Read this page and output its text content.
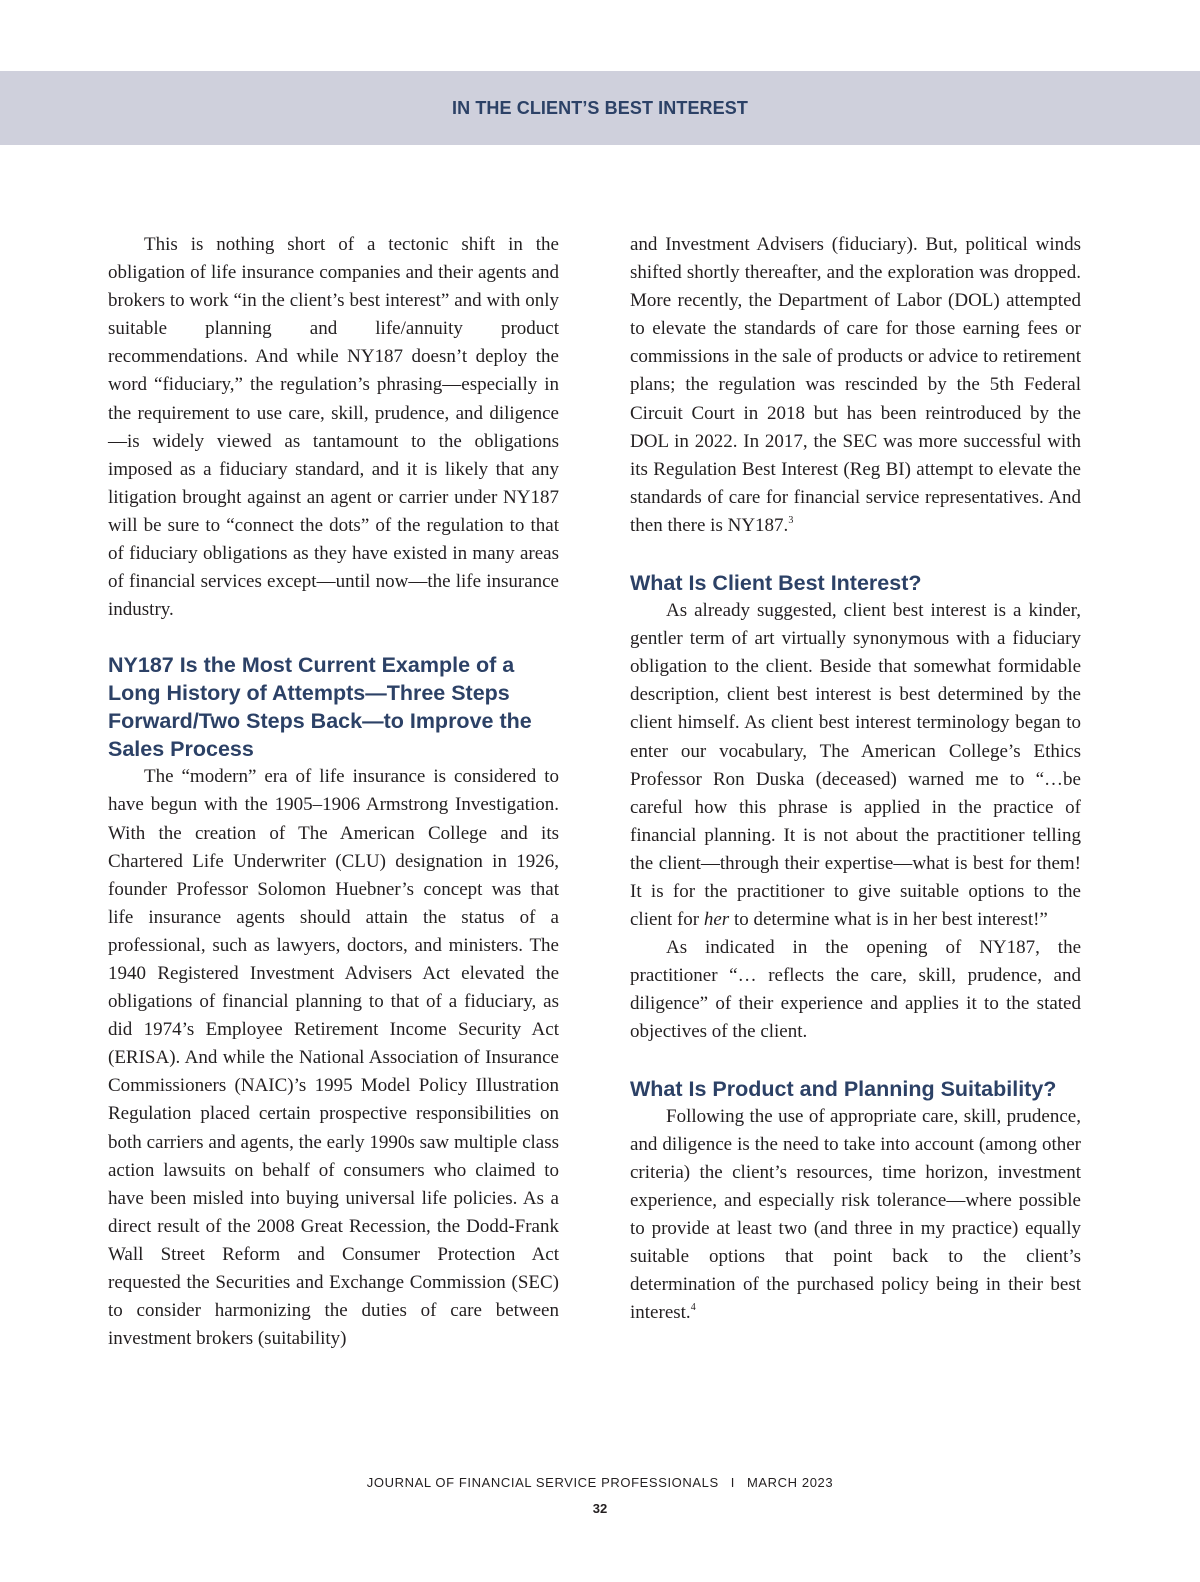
IN THE CLIENT’S BEST INTEREST

This is nothing short of a tectonic shift in the obligation of life insurance companies and their agents and brokers to work “in the client’s best interest” and with only suitable planning and life/annuity product recommendations. And while NY187 doesn’t deploy the word “fiduciary,” the regulation’s phrasing—especially in the requirement to use care, skill, prudence, and diligence—is widely viewed as tantamount to the obligations imposed as a fiduciary standard, and it is likely that any litigation brought against an agent or carrier under NY187 will be sure to “connect the dots” of the regulation to that of fiduciary obligations as they have existed in many areas of financial services except—until now—the life insurance industry.

NY187 Is the Most Current Example of a Long History of Attempts—Three Steps Forward/Two Steps Back—to Improve the Sales Process

The “modern” era of life insurance is considered to have begun with the 1905–1906 Armstrong Investigation. With the creation of The American College and its Chartered Life Underwriter (CLU) designation in 1926, founder Professor Solomon Huebner’s concept was that life insurance agents should attain the status of a professional, such as lawyers, doctors, and ministers. The 1940 Registered Investment Advisers Act elevated the obligations of financial planning to that of a fiduciary, as did 1974’s Employee Retirement Income Security Act (ERISA). And while the National Association of Insurance Commissioners (NAIC)’s 1995 Model Policy Illustration Regulation placed certain prospective responsibilities on both carriers and agents, the early 1990s saw multiple class action lawsuits on behalf of consumers who claimed to have been misled into buying universal life policies. As a direct result of the 2008 Great Recession, the Dodd-Frank Wall Street Reform and Consumer Protection Act requested the Securities and Exchange Commission (SEC) to consider harmonizing the duties of care between investment brokers (suitability)

and Investment Advisers (fiduciary). But, political winds shifted shortly thereafter, and the exploration was dropped. More recently, the Department of Labor (DOL) attempted to elevate the standards of care for those earning fees or commissions in the sale of products or advice to retirement plans; the regulation was rescinded by the 5th Federal Circuit Court in 2018 but has been reintroduced by the DOL in 2022. In 2017, the SEC was more successful with its Regulation Best Interest (Reg BI) attempt to elevate the standards of care for financial service representatives. And then there is NY187.$^3$

What Is Client Best Interest?

As already suggested, client best interest is a kinder, gentler term of art virtually synonymous with a fiduciary obligation to the client. Beside that somewhat formidable description, client best interest is best determined by the client himself. As client best interest terminology began to enter our vocabulary, The American College’s Ethics Professor Ron Duska (deceased) warned me to “…be careful how this phrase is applied in the practice of financial planning. It is not about the practitioner telling the client—through their expertise—what is best for them! It is for the practitioner to give suitable options to the client for her to determine what is in her best interest!”

As indicated in the opening of NY187, the practitioner “… reflects the care, skill, prudence, and diligence” of their experience and applies it to the stated objectives of the client.

What Is Product and Planning Suitability?

Following the use of appropriate care, skill, prudence, and diligence is the need to take into account (among other criteria) the client’s resources, time horizon, investment experience, and especially risk tolerance—where possible to provide at least two (and three in my practice) equally suitable options that point back to the client’s determination of the purchased policy being in their best interest.$^4$

JOURNAL OF FINANCIAL SERVICE PROFESSIONALS I MARCH 2023
32
